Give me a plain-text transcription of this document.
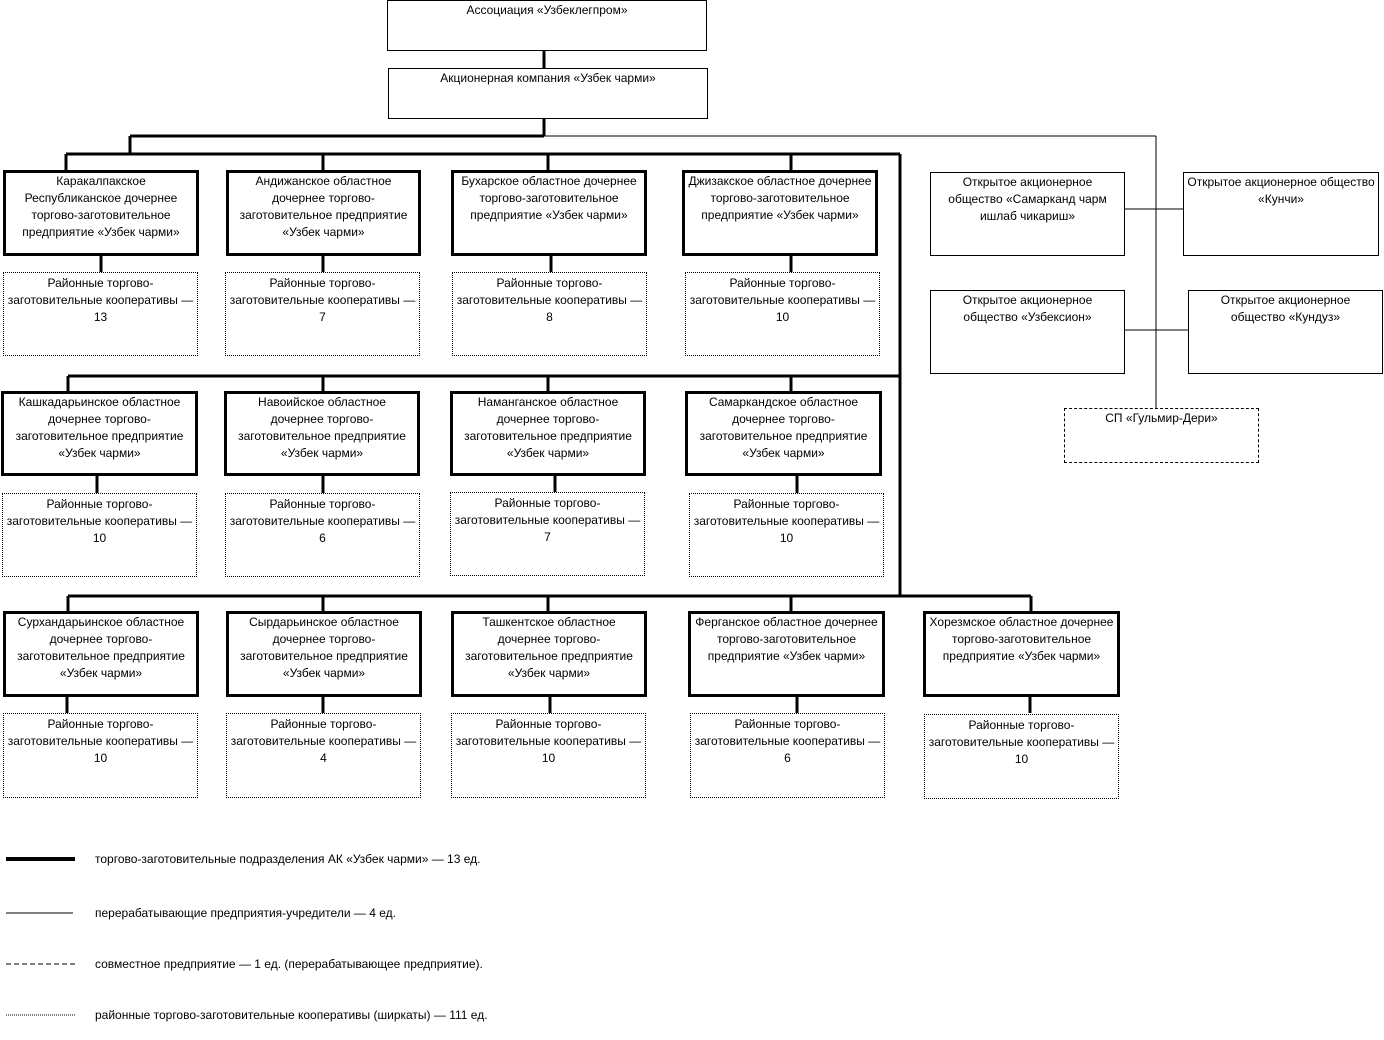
Ассоциация «Узбеклегпром»
Акционерная компания «Узбек чарми»
Каракалпакское Республиканское дочернее торгово-заготовительное предприятие «Узбек чарми»
Андижанское областное дочернее торгово-заготовительное предприятие «Узбек чарми»
Бухарское областное дочернее торгово-заготовительное предприятие «Узбек чарми»
Джизакское областное дочернее торгово-заготовительное предприятие «Узбек чарми»
Районные торгово-заготовительные кооперативы — 13
Районные торгово-заготовительные кооперативы — 7
Районные торгово-заготовительные кооперативы — 8
Районные торгово-заготовительные кооперативы — 10
Кашкадарьинское областное дочернее торгово-заготовительное предприятие «Узбек чарми»
Навоийское областное дочернее торгово-заготовительное предприятие «Узбек чарми»
Наманганское областное дочернее торгово-заготовительное предприятие «Узбек чарми»
Самаркандское областное дочернее торгово-заготовительное предприятие «Узбек чарми»
Районные торгово-заготовительные кооперативы — 10
Районные торгово-заготовительные кооперативы — 6
Районные торгово-заготовительные кооперативы — 7
Районные торгово-заготовительные кооперативы — 10
Сурхандарьинское областное дочернее торгово-заготовительное предприятие «Узбек чарми»
Сырдарьинское областное дочернее торгово-заготовительное предприятие «Узбек чарми»
Ташкентское областное дочернее торгово-заготовительное предприятие «Узбек чарми»
Ферганское областное дочернее торгово-заготовительное предприятие «Узбек чарми»
Хорезмское областное дочернее торгово-заготовительное предприятие «Узбек чарми»
Районные торгово-заготовительные кооперативы — 10
Районные торгово-заготовительные кооперативы — 4
Районные торгово-заготовительные кооперативы — 10
Районные торгово-заготовительные кооперативы — 6
Районные торгово-заготовительные кооперативы — 10
Открытое акционерное общество «Самарканд чарм ишлаб чикариш»
Открытое акционерное общество «Кунчи»
Открытое акционерное общество «Узбексион»
Открытое акционерное общество «Кундуз»
СП «Гульмир-Дери»
торгово-заготовительные подразделения АК «Узбек чарми» — 13 ед.
перерабатывающие предприятия-учредители — 4 ед.
совместное предприятие — 1 ед. (перерабатывающее предприятие).
районные торгово-заготовительные кооперативы (ширкаты) — 111 ед.
